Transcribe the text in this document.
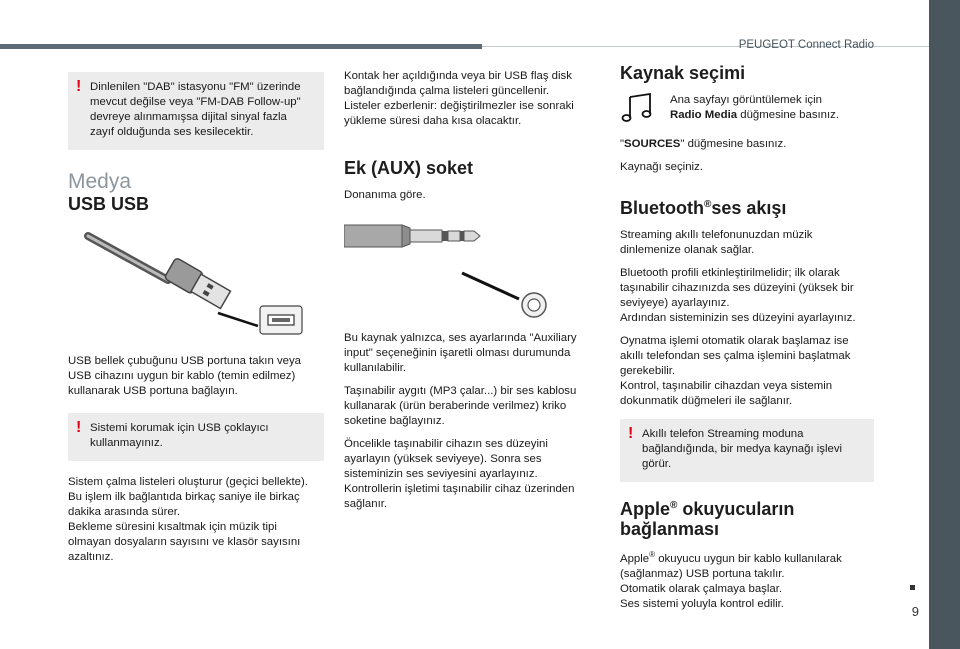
PEUGEOT Connect Radio
9
! Dinlenilen "DAB" istasyonu "FM" üzerinde
mevcut değilse veya "FM-DAB Follow-up"
devreye alınmamışsa dijital sinyal fazla
zayıf olduğunda ses kesilecektir.
Medya
USB USB

USB bellek çubuğunu USB portuna takın veya
USB cihazını uygun bir kablo (temin edilmez)
kullanarak USB portuna bağlayın.

! Sistemi korumak için USB çoklayıcı
kullanmayınız.

Sistem çalma listeleri oluşturur (geçici bellekte).
Bu işlem ilk bağlantıda birkaç saniye ile birkaç
dakika arasında sürer.
Bekleme süresini kısaltmak için müzik tipi
olmayan dosyaların sayısını ve klasör sayısını
azaltınız.

Kontak her açıldığında veya bir USB flaş disk
bağlandığında çalma listeleri güncellenir.
Listeler ezberlenir: değiştirilmezler ise sonraki
yükleme süresi daha kısa olacaktır.

Ek (AUX) soket

Donanıma göre.

Bu kaynak yalnızca, ses ayarlarında "Auxiliary
input" seçeneğinin işaretli olması durumunda
kullanılabilir.

Taşınabilir aygıtı (MP3 çalar...) bir ses kablosu
kullanarak (ürün beraberinde verilmez) kriko
soketine bağlayınız.

Öncelikle taşınabilir cihazın ses düzeyini
ayarlayın (yüksek seviyeye). Sonra ses
sisteminizin ses seviyesini ayarlayınız.
Kontrollerin işletimi taşınabilir cihaz üzerinden
sağlanır.

Kaynak seçimi
Ana sayfayı görüntülemek için
Radio Media düğmesine basınız.

"SOURCES" düğmesine basınız.

Kaynağı seçiniz.

Bluetooth®ses akışı

Streaming akıllı telefonunuzdan müzik
dinlemenize olanak sağlar.

Bluetooth profili etkinleştirilmelidir; ilk olarak
taşınabilir cihazınızda ses düzeyini (yüksek bir
seviyeye) ayarlayınız.
Ardından sisteminizin ses düzeyini ayarlayınız.

Oynatma işlemi otomatik olarak başlamaz ise
akıllı telefondan ses çalma işlemini başlatmak
gerekebilir.
Kontrol, taşınabilir cihazdan veya sistemin
dokunmatik düğmeleri ile sağlanır.

! Akıllı telefon Streaming moduna
bağlandığında, bir medya kaynağı işlevi
görür.
Apple® okuyucuların
bağlanması

Apple® okuyucu uygun bir kablo kullanılarak
(sağlanmaz) USB portuna takılır.
Otomatik olarak çalmaya başlar.
Ses sistemi yoluyla kontrol edilir.
